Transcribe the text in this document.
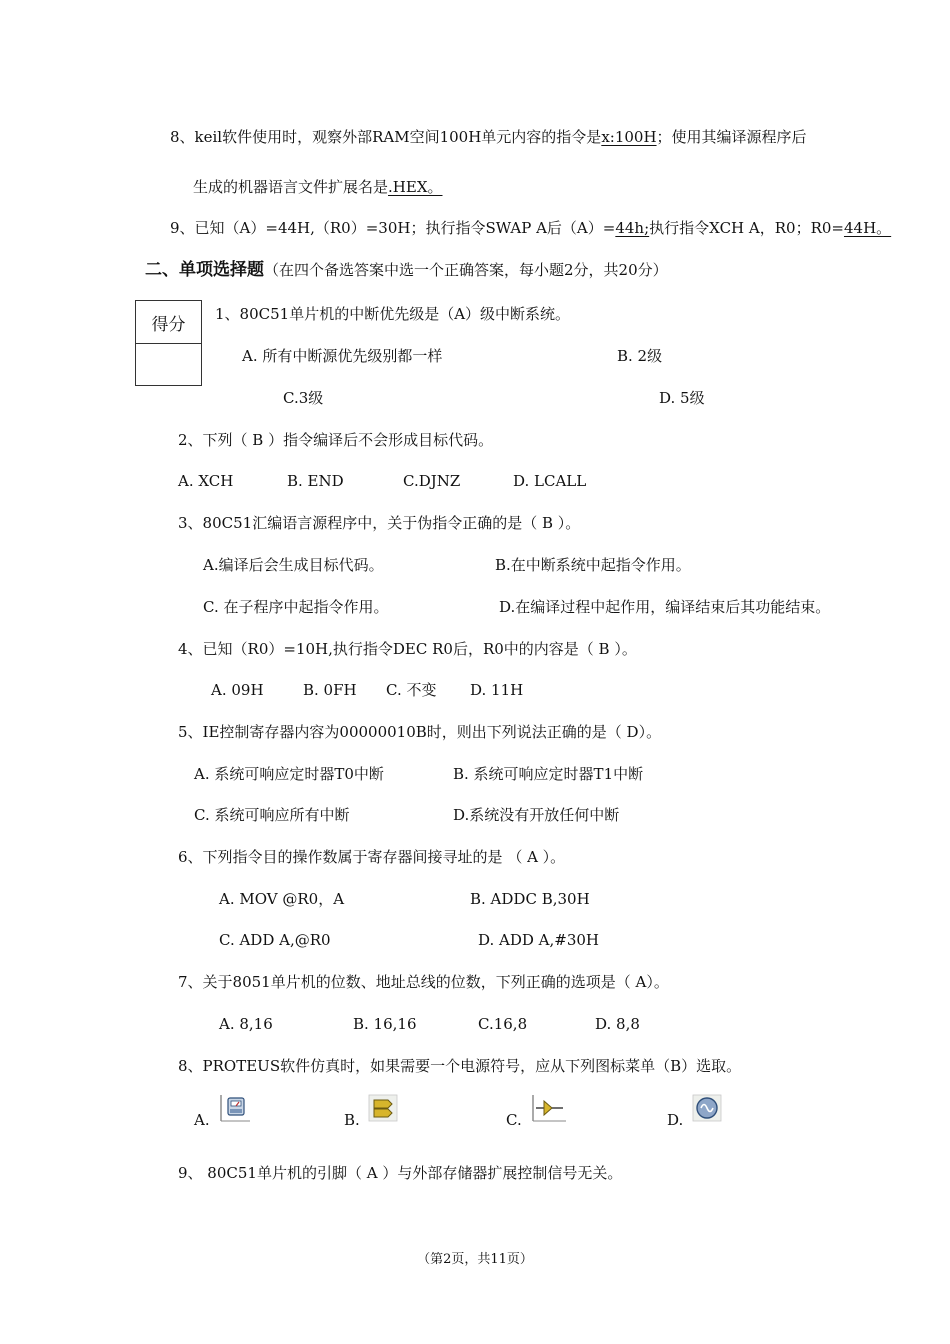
8、keil软件使用时，观察外部RAM空间100H单元内容的指令是x:100H；使用其编译源程序后
生成的机器语言文件扩展名是.HEX。
9、已知（A）=44H,（R0）=30H；执行指令SWAP A后（A）=44h;执行指令XCH A，R0；R0=44H。
二、单项选择题（在四个备选答案中选一个正确答案，每小题2分，共20分）
得分
1、80C51单片机的中断优先级是（A）级中断系统。
A. 所有中断源优先级别都一样	B. 2级
C.3级	D. 5级
2、下列（ B ）指令编译后不会形成目标代码。
A. XCH	B. END	C.DJNZ	D. LCALL
3、80C51汇编语言源程序中，关于伪指令正确的是（ B ）。
A.编译后会生成目标代码。	B.在中断系统中起指令作用。
C. 在子程序中起指令作用。	D.在编译过程中起作用，编译结束后其功能结束。
4、已知（R0）=10H,执行指令DEC R0后，R0中的内容是（ B ）。
A. 09H	B. 0FH C. 不变 D. 11H
5、IE控制寄存器内容为00000010B时，则出下列说法正确的是（ D）。
A. 系统可响应定时器T0中断	B. 系统可响应定时器T1中断
C. 系统可响应所有中断	D.系统没有开放任何中断
6、下列指令目的操作数属于寄存器间接寻址的是 （ A ）。
A. MOV @R0，A	B. ADDC B,30H
C. ADD A,@R0	D. ADD A,#30H
7、关于8051单片机的位数、地址总线的位数，下列正确的选项是（ A）。
A. 8,16	B. 16,16	C.16,8	D. 8,8
8、PROTEUS软件仿真时，如果需要一个电源符号，应从下列图标菜单（B）选取。
A.	B.	C.	D.
9、 80C51单片机的引脚（ A ）与外部存储器扩展控制信号无关。
（第2页，共11页）
